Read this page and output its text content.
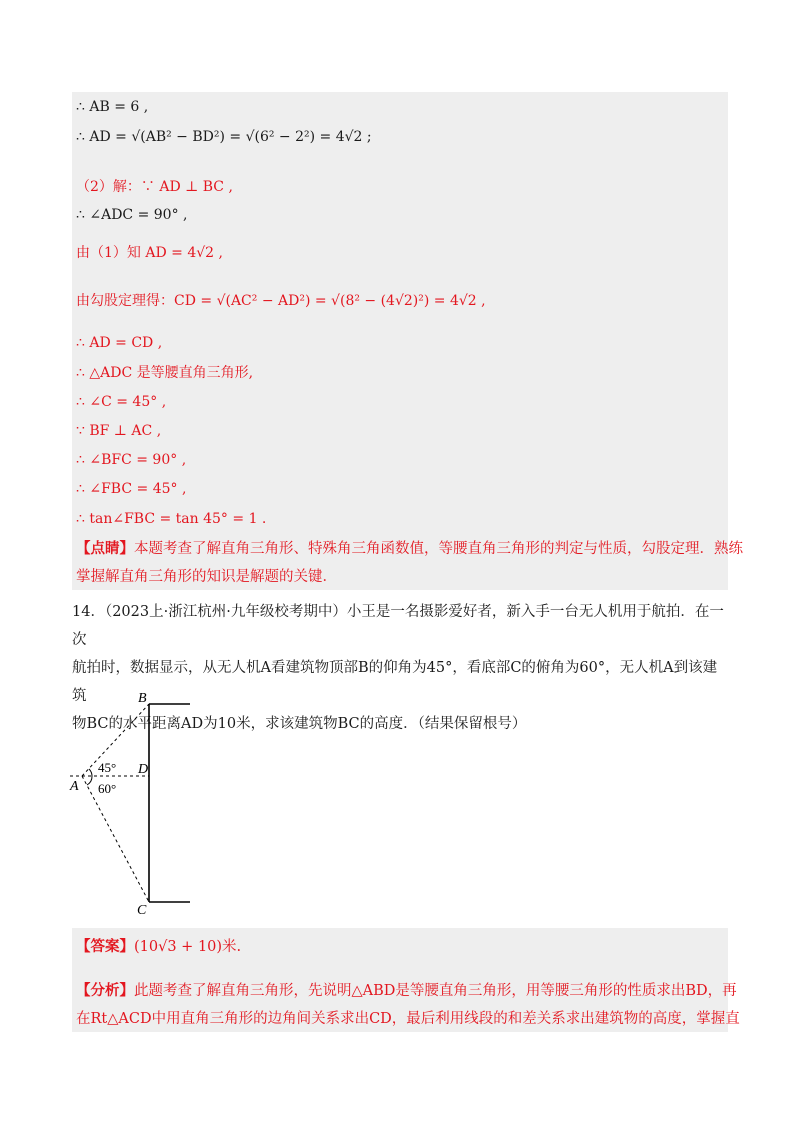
∴ AB = 6 ,
∴ AD = √(AB² − BD²) = √(6² − 2²) = 4√2 ;
（2）解：∵ AD ⊥ BC ,
∴ ∠ADC = 90° ,
由（1）知 AD = 4√2 ,
由勾股定理得：CD = √(AC² − AD²) = √(8² − (4√2)²) = 4√2 ,
∴ AD = CD ,
∴ △ADC 是等腰直角三角形,
∴ ∠C = 45° ,
∵ BF ⊥ AC ,
∴ ∠BFC = 90° ,
∴ ∠FBC = 45° ,
∴ tan∠FBC = tan 45° = 1 .
【点睛】本题考查了解直角三角形、特殊角三角函数值，等腰直角三角形的判定与性质，勾股定理．熟练
掌握解直角三角形的知识是解题的关键．
14．（2023上·浙江杭州·九年级校考期中）小王是一名摄影爱好者，新入手一台无人机用于航拍．在一次
航拍时，数据显示，从无人机A看建筑物顶部B的仰角为45°，看底部C的俯角为60°，无人机A到该建筑
物BC的水平距离AD为10米，求该建筑物BC的高度．（结果保留根号）
B
D
A
C
45°
60°
【答案】(10√3 + 10)米.
【分析】此题考查了解直角三角形，先说明△ABD是等腰直角三角形，用等腰三角形的性质求出BD，再
在Rt△ACD中用直角三角形的边角间关系求出CD，最后利用线段的和差关系求出建筑物的高度，掌握直
